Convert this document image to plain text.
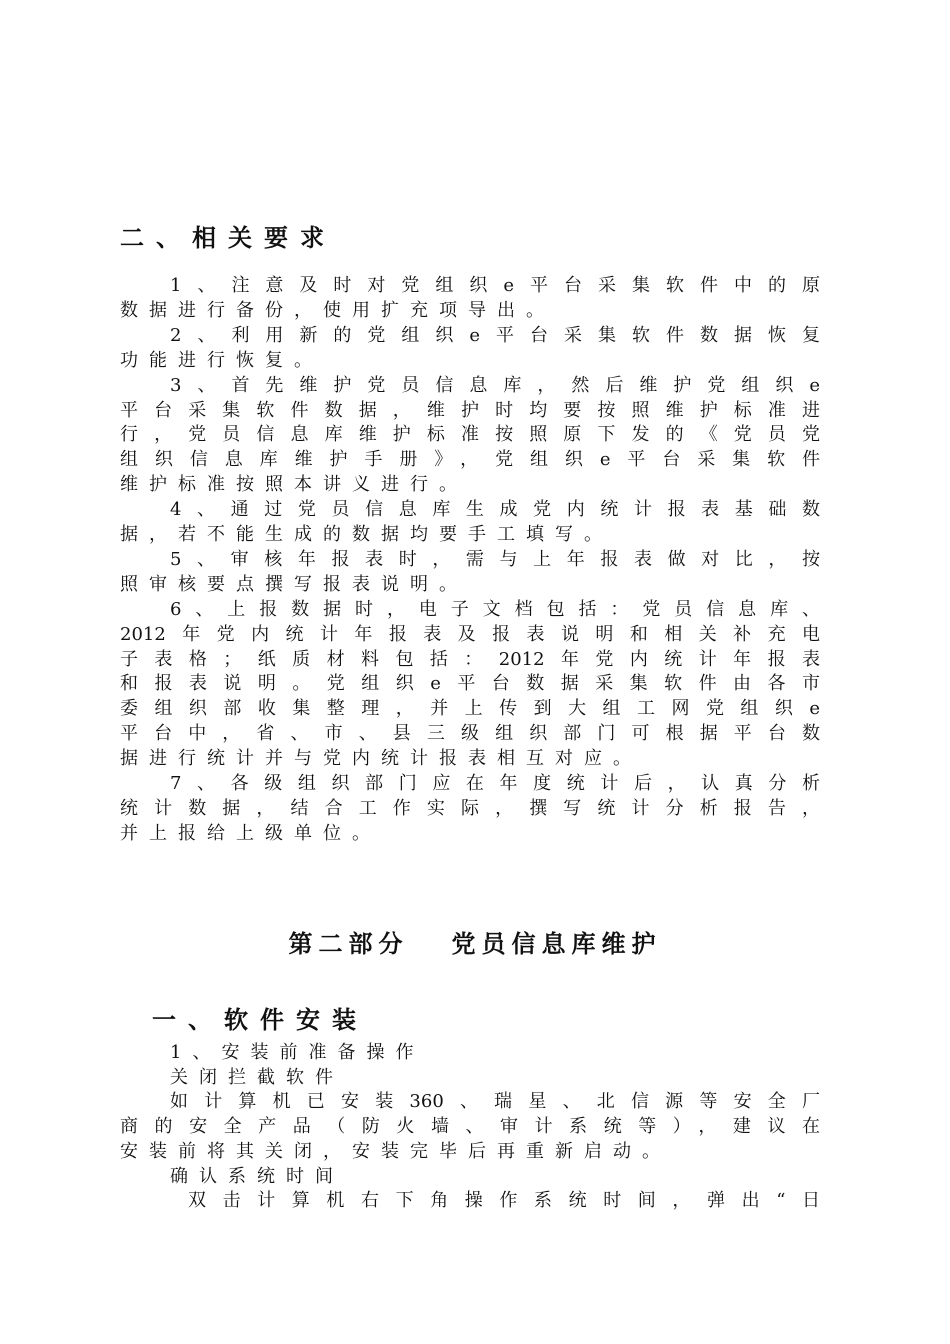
二、相关要求
1、注意及时对党组织e平台采集软件中的原
数据进行备份，使用扩充项导出。
2、利用新的党组织e平台采集软件数据恢复
功能进行恢复。
3、首先维护党员信息库，然后维护党组织e
平台采集软件数据，维护时均要按照维护标准进
行，党员信息库维护标准按照原下发的《党员党
组织信息库维护手册》，党组织e平台采集软件
维护标准按照本讲义进行。
4、通过党员信息库生成党内统计报表基础数
据，若不能生成的数据均要手工填写。
5、审核年报表时，需与上年报表做对比，按
照审核要点撰写报表说明。
6、上报数据时，电子文档包括：党员信息库、
2012年党内统计年报表及报表说明和相关补充电
子表格；纸质材料包括：2012年党内统计年报表
和报表说明。党组织e平台数据采集软件由各市
委组织部收集整理，并上传到大组工网党组织e
平台中，省、市、县三级组织部门可根据平台数
据进行统计并与党内统计报表相互对应。
7、各级组织部门应在年度统计后，认真分析
统计数据，结合工作实际，撰写统计分析报告，
并上报给上级单位。
第二部分   党员信息库维护
一、软件安装
1、安装前准备操作
关闭拦截软件
如计算机已安装360、瑞星、北信源等安全厂
商的安全产品（防火墙、审计系统等），建议在
安装前将其关闭，安装完毕后再重新启动。
确认系统时间
双击计算机右下角操作系统时间，弹出“日
